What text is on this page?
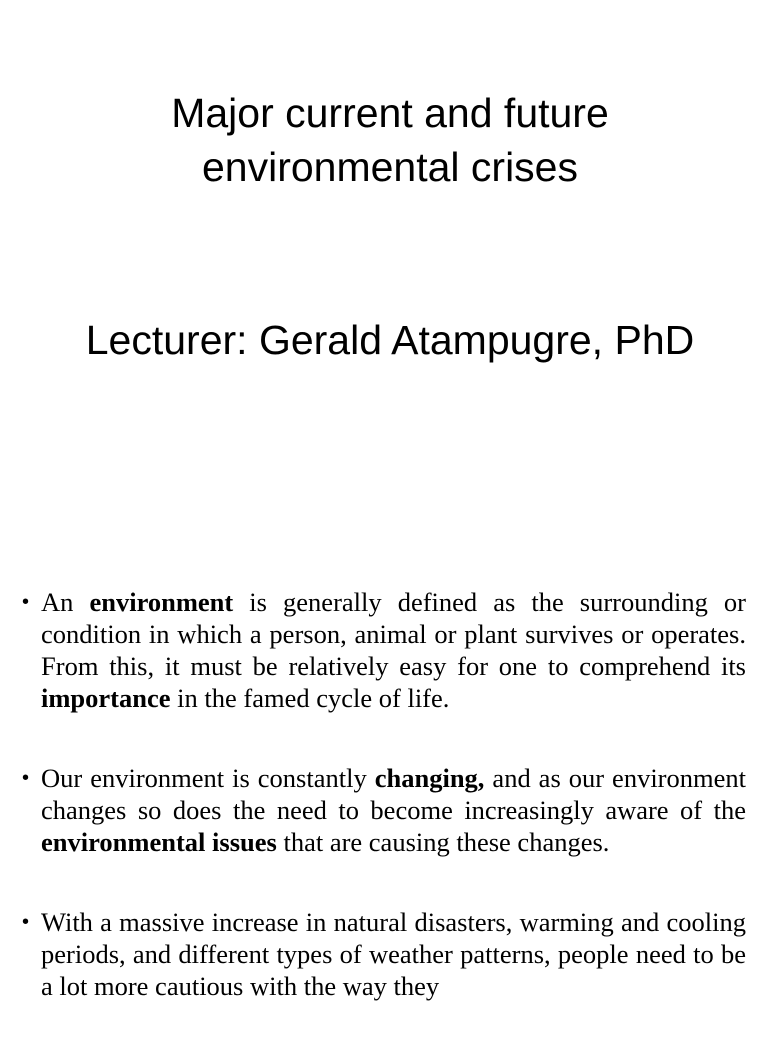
Major current and future
environmental crises
Lecturer: Gerald Atampugre, PhD
• An environment is generally defined as the surrounding or condition in which a person, animal or plant survives or operates. From this, it must be relatively easy for one to comprehend its importance in the famed cycle of life.
• Our environment is constantly changing, and as our environment changes so does the need to become increasingly aware of the environmental issues that are causing these changes.
• With a massive increase in natural disasters, warming and cooling periods, and different types of weather patterns, people need to be a lot more cautious with the way they
